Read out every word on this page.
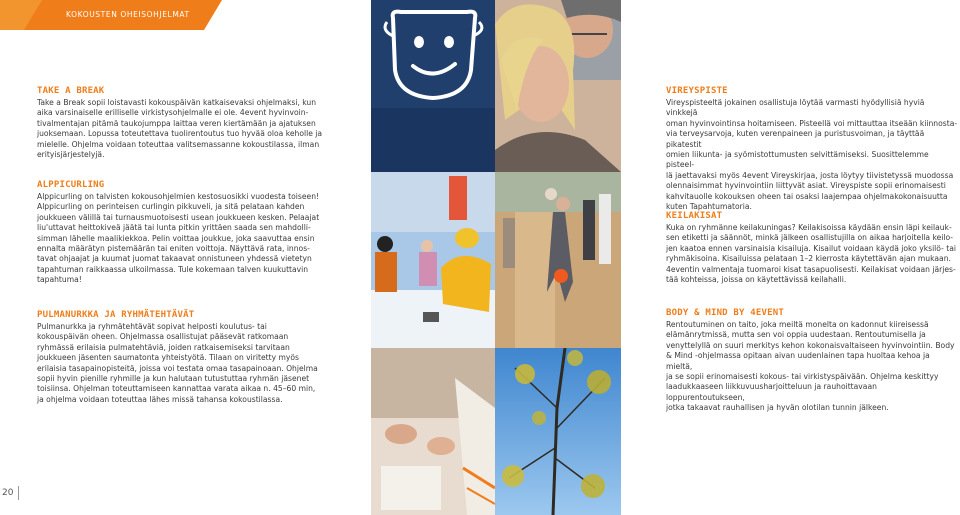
KOKOUSTEN OHEISOHJELMAT
TAKE A BREAK

Take a Break sopii loistavasti kokouspäivän katkaisevaksi ohjelmaksi, kun
aika varsinaiselle erilliselle virkistysohjelmalle ei ole. 4event hyvinvoin-
tivalmentajan pitämä taukojumppa laittaa veren kiertämään ja ajatuksen
juoksemaan. Lopussa toteutettava tuolirentoutus tuo hyvää oloa keholle ja
mielelle. Ohjelma voidaan toteuttaa valitsemassanne kokoustilassa, ilman
erityisjärjestelyjä.

ALPPICURLING

Alppicurling on talvisten kokousohjelmien kestosuosikki vuodesta toiseen!
Alppicurling on perinteisen curlingin pikkuveli, ja sitä pelataan kahden
joukkueen välillä tai turnausmuotoisesti usean joukkueen kesken. Pelaajat
liu'uttavat heittokiveä jäätä tai lunta pitkin yrittäen saada sen mahdolli-
simman lähelle maalikiekkoa. Pelin voittaa joukkue, joka saavuttaa ensin
ennalta määrätyn pistemäärän tai eniten voittoja. Näyttävä rata, innos-
tavat ohjaajat ja kuumat juomat takaavat onnistuneen yhdessä vietetyn
tapahtuman raikkaassa ulkoilmassa. Tule kokemaan talven kuukuttavin
tapahtuma!

PULMANURKKA JA RYHMÄTEHTÄVÄT

Pulmanurkka ja ryhmätehtävät sopivat helposti koulutus- tai
kokouspäivän oheen. Ohjelmassa osallistujat pääsevät ratkomaan
ryhmässä erilaisia pulmatehtäviä, joiden ratkaisemiseksi tarvitaan
joukkueen jäsenten saumatonta yhteistyötä. Tilaan on viritetty myös
erilaisia tasapainopisteitä, joissa voi testata omaa tasapainoaan. Ohjelma
sopii hyvin pienille ryhmille ja kun halutaan tutustuttaa ryhmän jäsenet
toisiinsa. Ohjelman toteuttamiseen kannattaa varata aikaa n. 45–60 min,
ja ohjelma voidaan toteuttaa lähes missä tahansa kokoustilassa.

VIREYSPISTE

Vireyspisteeltä jokainen osallistuja löytää varmasti hyödyllisiä hyviä vinkkejä
oman hyvinvointinsa hoitamiseen. Pisteellä voi mittauttaa itseään kiinnosta-
via terveysarvoja, kuten verenpaineen ja puristusvoiman, ja täyttää pikatestit
omien liikunta- ja syömistottumusten selvittämiseksi. Suosittelemme pisteel-
lä jaettavaksi myös 4event Vireyskirjaa, josta löytyy tiivistetyssä muodossa
olennaisimmat hyvinvointiin liittyvät asiat. Vireyspiste sopii erinomaisesti
kahvitauolle kokouksen oheen tai osaksi laajempaa ohjelmakokonaisuutta
kuten Tapahtumatoria.

KEILAKISAT

Kuka on ryhmänne keilakuningas? Keilakisoissa käydään ensin läpi keilauk-
sen etiketti ja säännöt, minkä jälkeen osallistujilla on aikaa harjoitella keilo-
jen kaatoa ennen varsinaisia kisailuja. Kisailut voidaan käydä joko yksilö- tai
ryhmäkisoina. Kisailuissa pelataan 1–2 kierrosta käytettävän ajan mukaan.
4eventin valmentaja tuomaroi kisat tasapuolisesti. Keilakisat voidaan järjes-
tää kohteissa, joissa on käytettävissä keilahalli.

BODY & MIND BY 4EVENT

Rentoutuminen on taito, joka meiltä monelta on kadonnut kiireisessä
elämänrytmissä, mutta sen voi oppia uudestaan. Rentoutumisella ja
venyttelyllä on suuri merkitys kehon kokonaisvaltaiseen hyvinvointiin. Body
& Mind -ohjelmassa opitaan aivan uudenlainen tapa huoltaa kehoa ja mieltä,
ja se sopii erinomaisesti kokous- tai virkistyspäivään. Ohjelma keskittyy
laadukkaaseen liikkuvuusharjoitteluun ja rauhoittavaan loppurentoutukseen,
jotka takaavat rauhallisen ja hyvän olotilan tunnin jälkeen.

20
